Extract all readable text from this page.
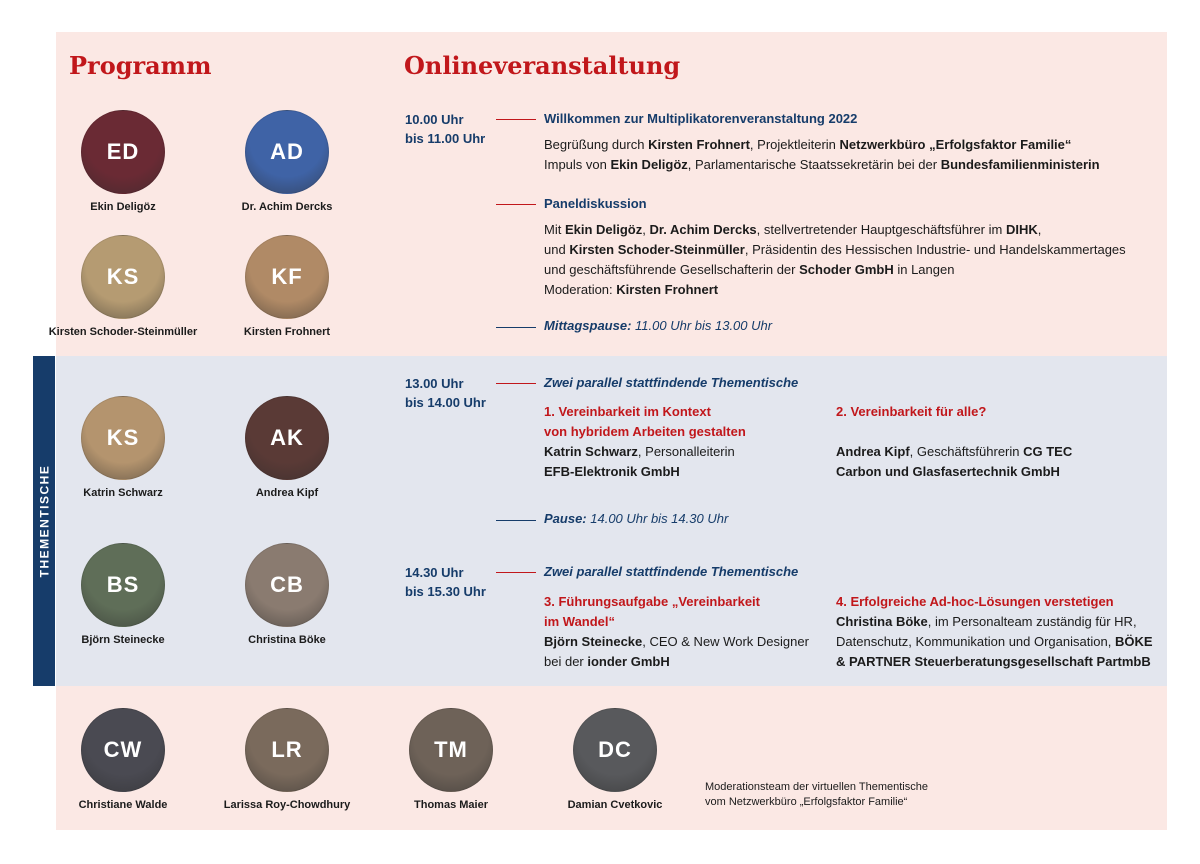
THEMENTISCHE
Programm	Onlineveranstaltung
ED
Ekin Deligöz
AD
Dr. Achim Dercks
KS
Kirsten Schoder-Steinmüller
KF
Kirsten Frohnert
KS
Katrin Schwarz
AK
Andrea Kipf
BS
Björn Steinecke
CB
Christina Böke
CW
Christiane Walde
LR
Larissa Roy-Chowdhury
TM
Thomas Maier
DC
Damian Cvetkovic
10.00 Uhr
bis 11.00 Uhr
Willkommen zur Multiplikatorenveranstaltung 2022
Begrüßung durch Kirsten Frohnert, Projektleiterin Netzwerkbüro „Erfolgsfaktor Familie“
Impuls von Ekin Deligöz, Parlamentarische Staatssekretärin bei der Bundesfamilienministerin
Paneldiskussion
Mit Ekin Deligöz, Dr. Achim Dercks, stellvertretender Hauptgeschäftsführer im DIHK,
und Kirsten Schoder-Steinmüller, Präsidentin des Hessischen Industrie- und Handelskammertages
und geschäftsführende Gesellschafterin der Schoder GmbH in Langen
Moderation: Kirsten Frohnert
Mittagspause: 11.00 Uhr bis 13.00 Uhr
13.00 Uhr
bis 14.00 Uhr
Zwei parallel stattfindende Thementische
1. Vereinbarkeit im Kontext
von hybridem Arbeiten gestalten
Katrin Schwarz, Personalleiterin
EFB-Elektronik GmbH
2. Vereinbarkeit für alle?
Andrea Kipf, Geschäftsführerin CG TEC
Carbon und Glasfasertechnik GmbH
Pause: 14.00 Uhr bis 14.30 Uhr
14.30 Uhr
bis 15.30 Uhr
Zwei parallel stattfindende Thementische
3. Führungsaufgabe „Vereinbarkeit
im Wandel“
Björn Steinecke, CEO & New Work Designer
bei der ionder GmbH
4. Erfolgreiche Ad-hoc-Lösungen verstetigen
Christina Böke, im Personalteam zuständig für HR,
Datenschutz, Kommunikation und Organisation, BÖKE
& PARTNER Steuerberatungsgesellschaft PartmbB
Moderationsteam der virtuellen Thementische
vom Netzwerkbüro „Erfolgsfaktor Familie“
